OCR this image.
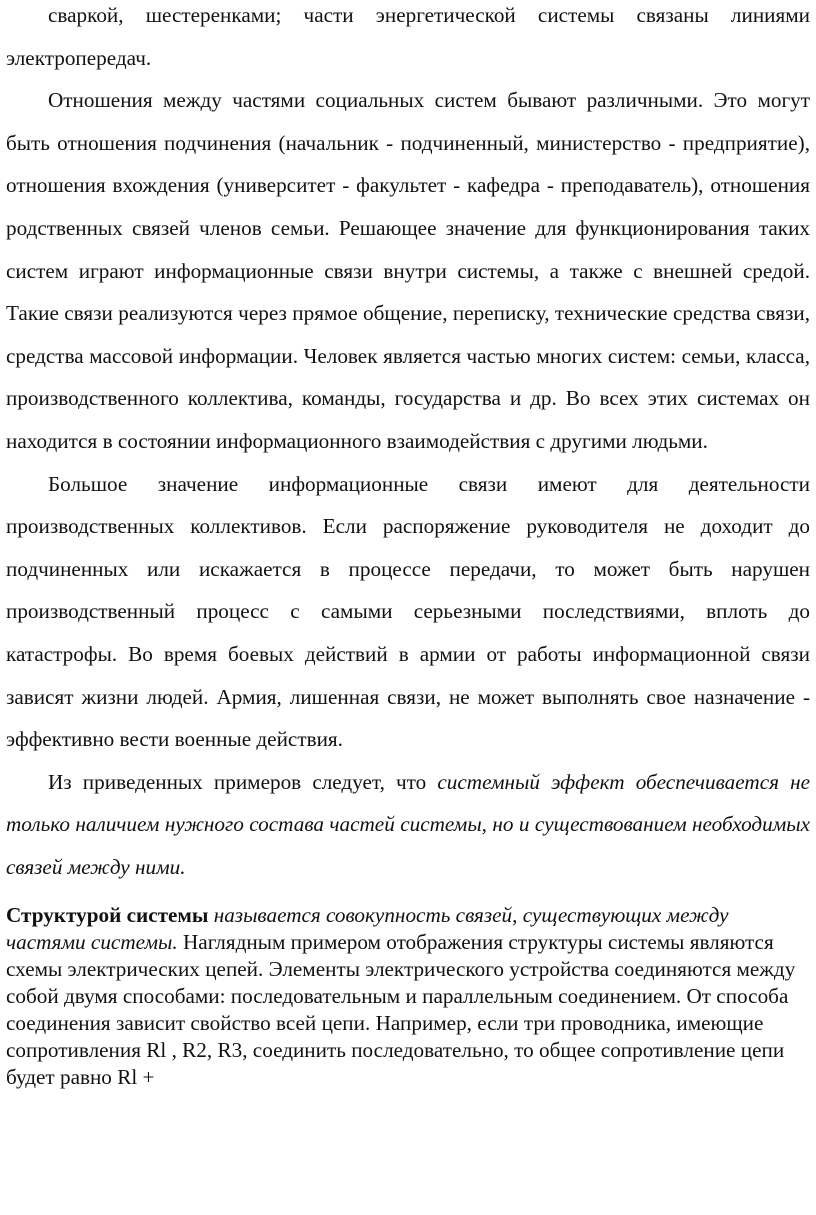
сваркой, шестеренками; части энергетической системы связаны линиями электропередач.

Отношения между частями социальных систем бывают различными. Это могут быть отношения подчинения (начальник - подчиненный, министерство - предприятие), отношения вхождения (университет - факультет - кафедра - преподаватель), отношения родственных связей членов семьи. Решающее значение для функционирования таких систем играют информационные связи внутри системы, а также с внешней средой. Такие связи реализуются через прямое общение, переписку, технические средства связи, средства массовой информации. Человек является частью многих систем: семьи, класса, производственного коллектива, команды, государства и др. Во всех этих системах он находится в состоянии информационного взаимодействия с другими людьми.

Большое значение информационные связи имеют для деятельности производственных коллективов. Если распоряжение руководителя не доходит до подчиненных или искажается в процессе передачи, то может быть нарушен производственный процесс с самыми серьезными последствиями, вплоть до катастрофы. Во время боевых действий в армии от работы информационной связи зависят жизни людей. Армия, лишенная связи, не может выполнять свое назначение - эффективно вести военные действия.

Из приведенных примеров следует, что системный эффект обеспечивается не только наличием нужного состава частей системы, но и существованием необходимых связей между ними.

Структурой системы называется совокупность связей, существующих между частями системы. Наглядным примером отображения структуры системы являются схемы электрических цепей. Элементы электрического устройства соединяются между собой двумя способами: последовательным и параллельным соединением. От способа соединения зависит свойство всей цепи. Например, если три проводника, имеющие сопротивления Rl , R2, R3, соединить последовательно, то общее сопротивление цепи будет равно Rl +
